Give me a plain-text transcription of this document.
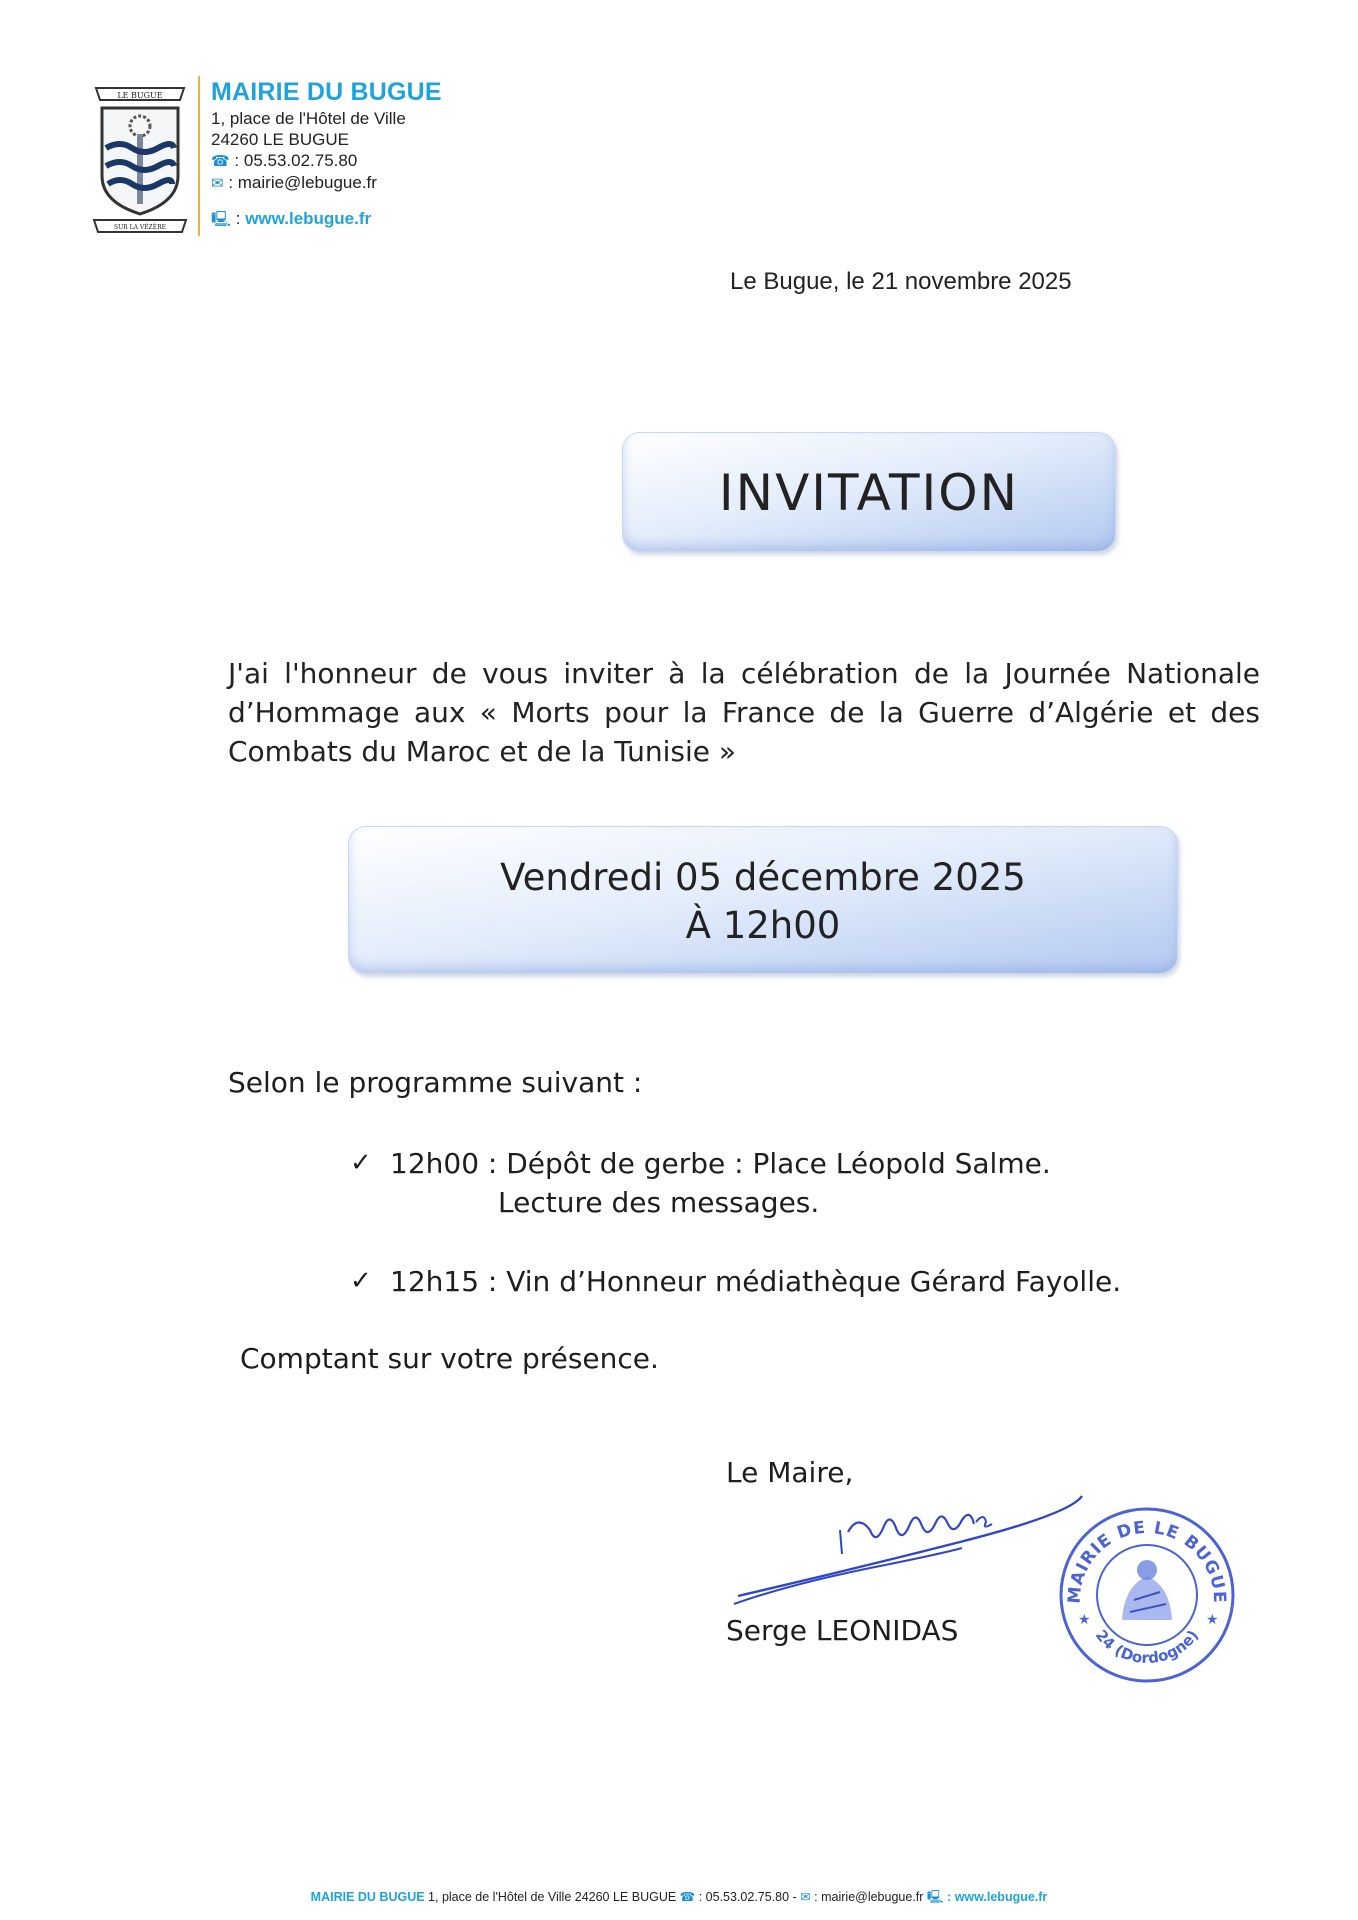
LE BUGUE
SUR LA VÉZÈRE
MAIRIE DU BUGUE
1, place de l'Hôtel de Ville
24260 LE BUGUE
☎ : 05.53.02.75.80
✉ : mairie@lebugue.fr
🖳 : www.lebugue.fr
Le Bugue, le 21 novembre 2025
INVITATION
J'ai l'honneur de vous inviter à la célébration de la Journée Nationale d’Hommage aux « Morts pour la France de la Guerre d’Algérie et des Combats du Maroc et de la Tunisie »
Vendredi 05 décembre 2025
À 12h00
Selon le programme suivant :
✓ 12h00 : Dépôt de gerbe : Place Léopold Salme.
Lecture des messages.
✓ 12h15 : Vin d’Honneur médiathèque Gérard Fayolle.
Comptant sur votre présence.
Le Maire,
Serge LEONIDAS
MAIRIE DE LE BUGUE
24 (Dordogne)
★	★
MAIRIE DU BUGUE 1, place de l'Hôtel de Ville 24260 LE BUGUE ☎ : 05.53.02.75.80 - ✉ : mairie@lebugue.fr 🖳 : www.lebugue.fr
